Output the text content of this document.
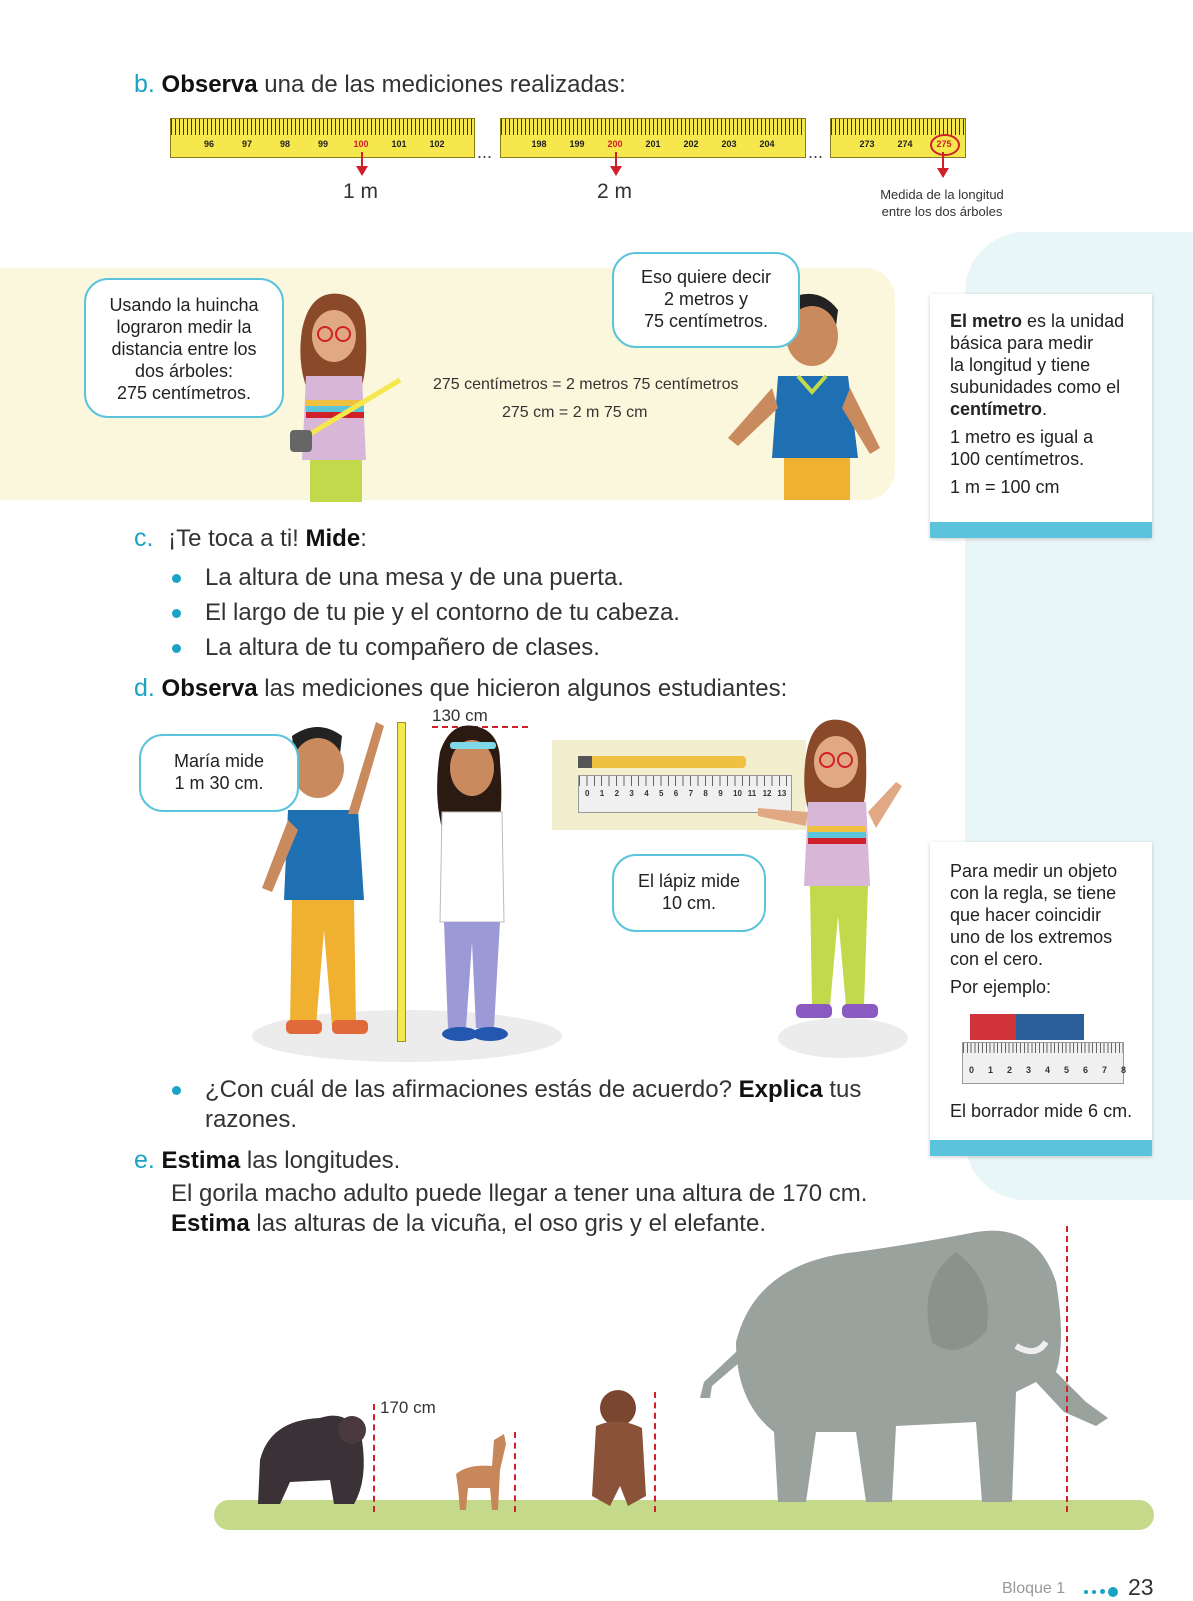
b. Observa una de las mediciones realizadas:
96	97	98	99	100	101	102 ...	198	199	200	201	202	203	204 ...	273	274	275
1 m	2 m	Medida de la longitud
entre los dos árboles
Usando la huincha
lograron medir la
distancia entre los
dos árboles:
275 centímetros.
Eso quiere decir
2 metros y
75 centímetros.
275 centímetros = 2 metros 75 centímetros
275 cm = 2 m 75 cm
El metro es la unidad
básica para medir
la longitud y tiene
subunidades como el
centímetro.
1 metro es igual a
100 centímetros.
1 m = 100 cm
c. ¡Te toca a ti! Mide:
La altura de una mesa y de una puerta.
El largo de tu pie y el contorno de tu cabeza.
La altura de tu compañero de clases.
d. Observa las mediciones que hicieron algunos estudiantes:
130 cm
0 1 2 3 4 5 6 7 8 9 10 11 12 13
María mide
1 m 30 cm.
El lápiz mide
10 cm.
Para medir un objeto
con la regla, se tiene
que hacer coincidir
uno de los extremos
con el cero.
Por ejemplo:
0 1 2 3 4 5 6 7 8
El borrador mide 6 cm.
¿Con cuál de las afirmaciones estás de acuerdo? Explica tus
razones.
e. Estima las longitudes.
El gorila macho adulto puede llegar a tener una altura de 170 cm.
Estima las alturas de la vicuña, el oso gris y el elefante.
170 cm
Bloque 1	23
